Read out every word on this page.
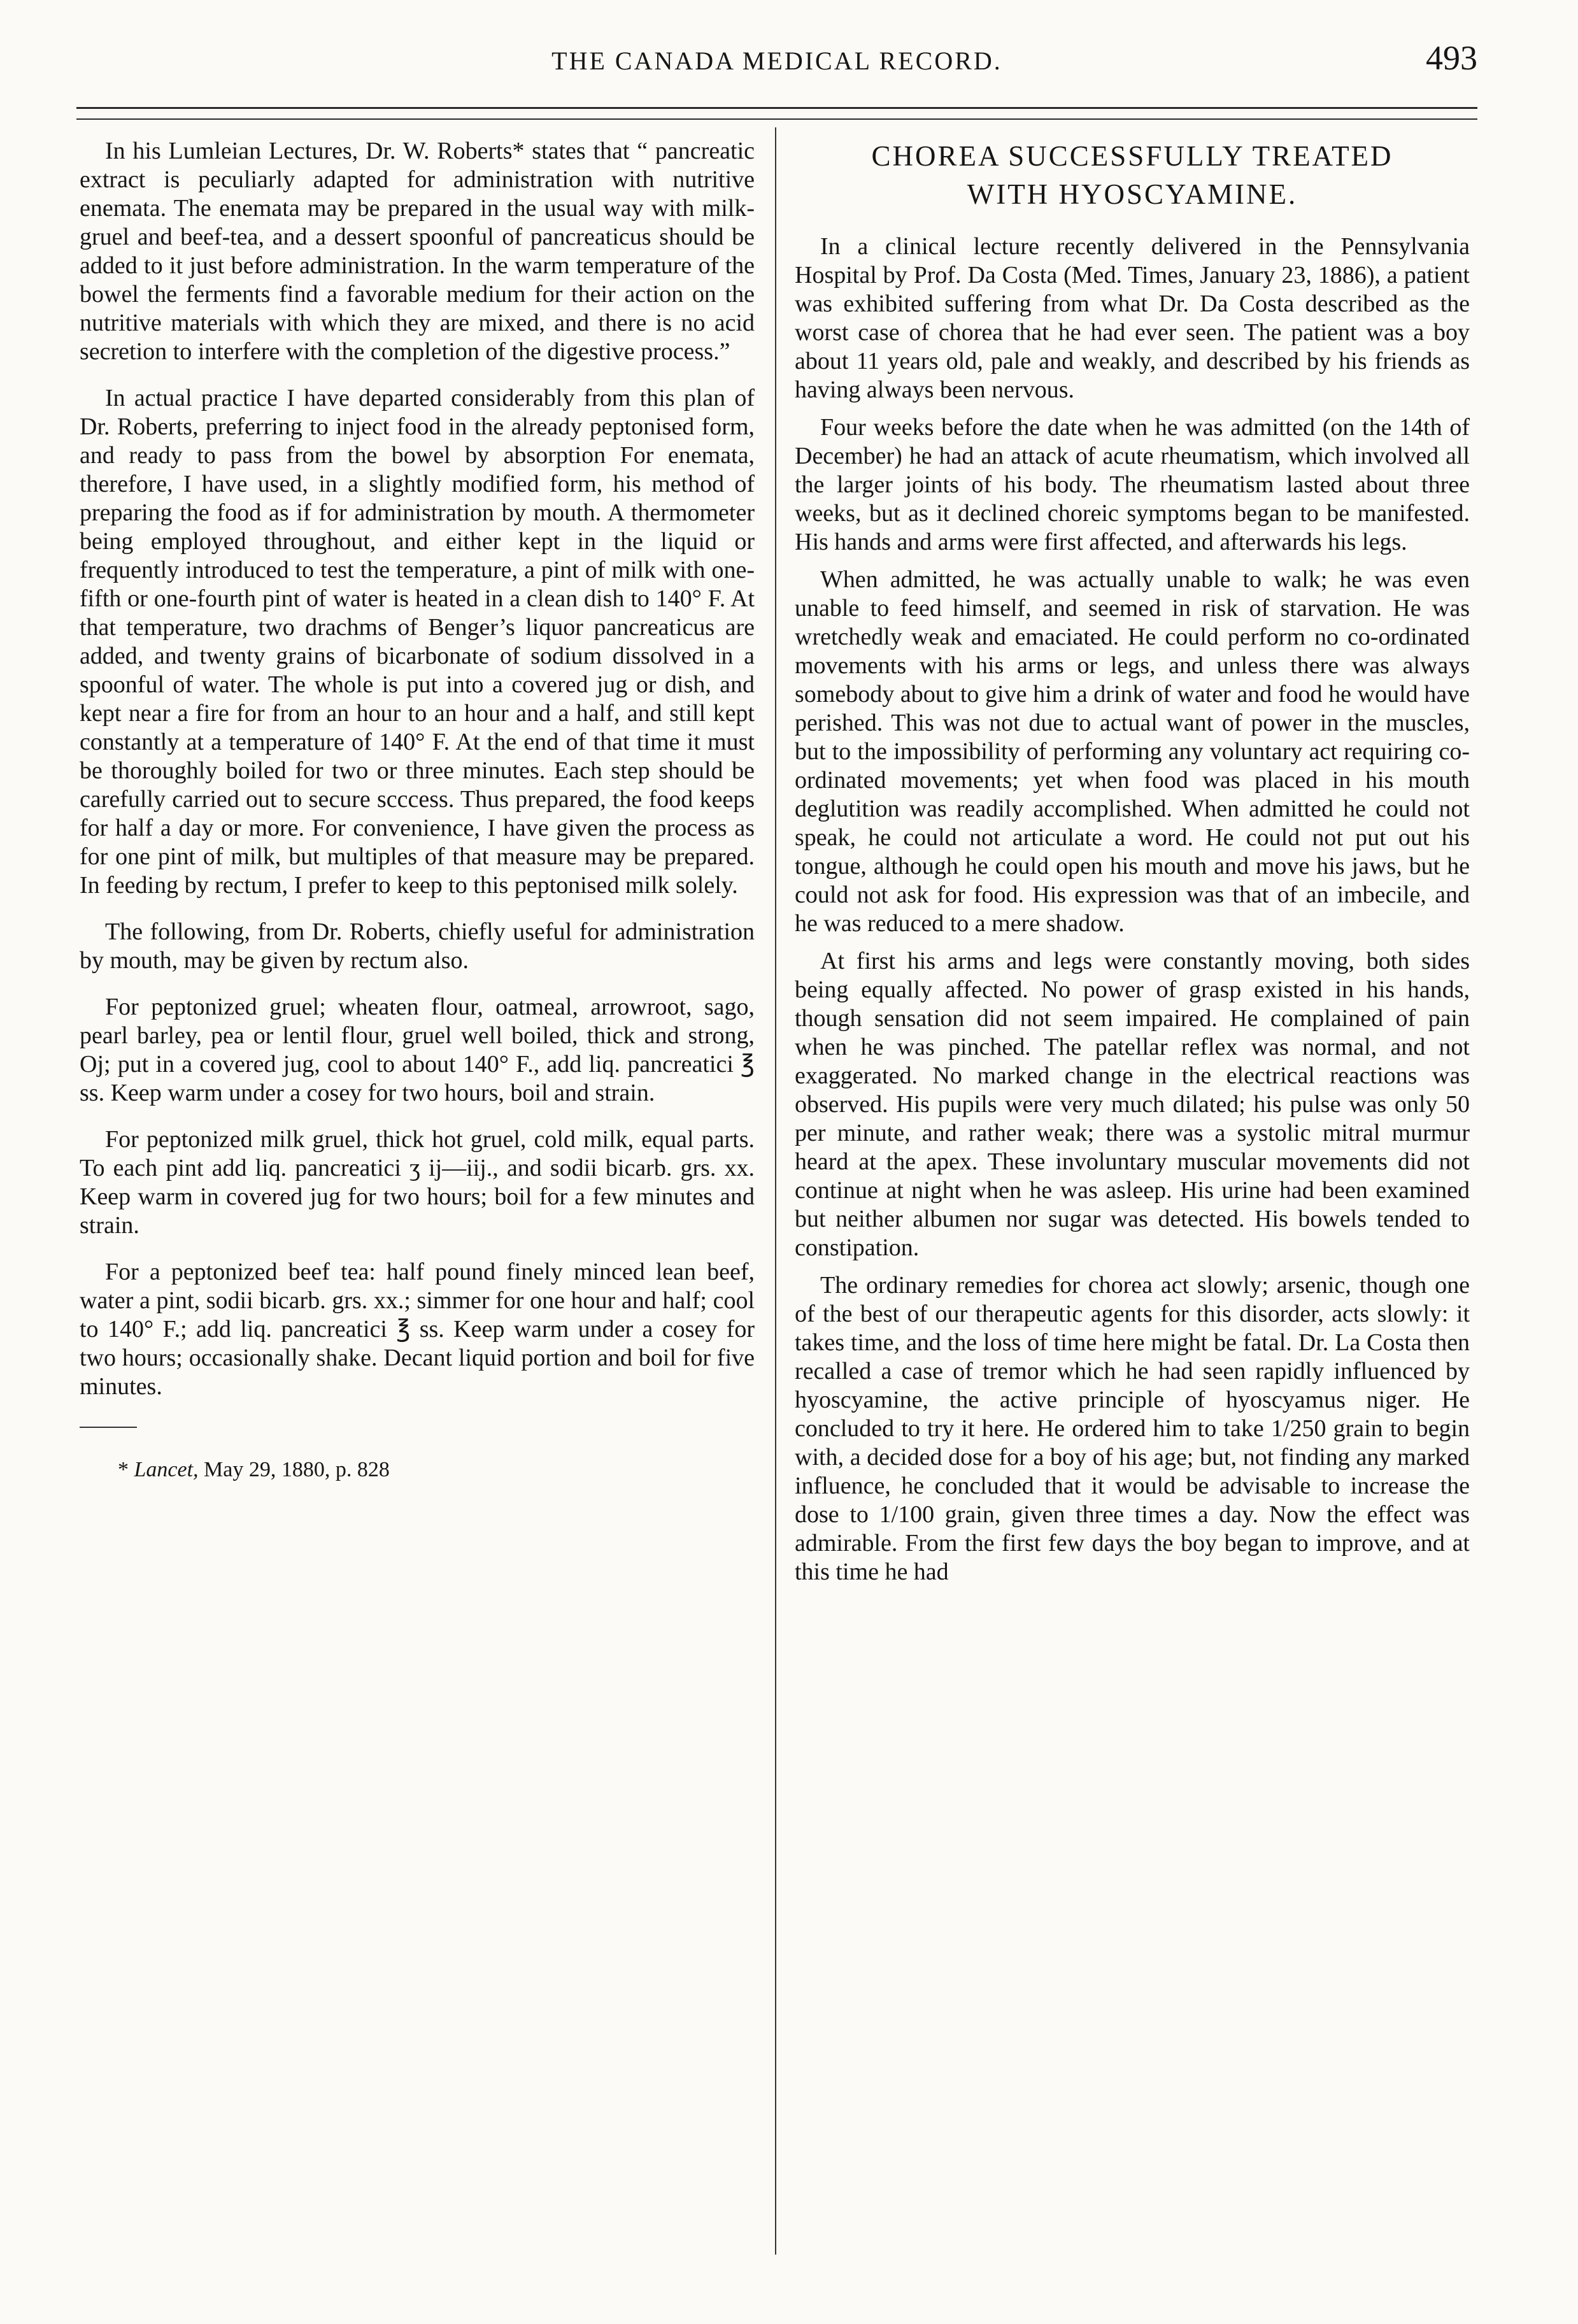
THE CANADA MEDICAL RECORD.	493

In his Lumleian Lectures, Dr. W. Roberts* states that “ pancreatic extract is peculiarly adapted for administration with nutritive enemata. The enemata may be prepared in the usual way with milk-gruel and beef-tea, and a dessert spoonful of pancreaticus should be added to it just before administration. In the warm temperature of the bowel the ferments find a favorable medium for their action on the nutritive materials with which they are mixed, and there is no acid secretion to interfere with the completion of the digestive process.”

In actual practice I have departed considerably from this plan of Dr. Roberts, preferring to inject food in the already peptonised form, and ready to pass from the bowel by absorption For enemata, therefore, I have used, in a slightly modified form, his method of preparing the food as if for administration by mouth. A thermometer being employed throughout, and either kept in the liquid or frequently introduced to test the temperature, a pint of milk with one-fifth or one-fourth pint of water is heated in a clean dish to 140° F. At that temperature, two drachms of Benger’s liquor pancreaticus are added, and twenty grains of bicarbonate of sodium dissolved in a spoonful of water. The whole is put into a covered jug or dish, and kept near a fire for from an hour to an hour and a half, and still kept constantly at a temperature of 140° F. At the end of that time it must be thoroughly boiled for two or three minutes. Each step should be carefully carried out to secure scccess. Thus prepared, the food keeps for half a day or more. For convenience, I have given the process as for one pint of milk, but multiples of that measure may be prepared. In feeding by rectum, I prefer to keep to this peptonised milk solely.

The following, from Dr. Roberts, chiefly useful for administration by mouth, may be given by rectum also.

For peptonized gruel; wheaten flour, oatmeal, arrowroot, sago, pearl barley, pea or lentil flour, gruel well boiled, thick and strong, Oj; put in a covered jug, cool to about 140° F., add liq. pancreatici ℥ ss. Keep warm under a cosey for two hours, boil and strain.

For peptonized milk gruel, thick hot gruel, cold milk, equal parts. To each pint add liq. pancreatici ʒ ij—iij., and sodii bicarb. grs. xx. Keep warm in covered jug for two hours; boil for a few minutes and strain.

For a peptonized beef tea: half pound finely minced lean beef, water a pint, sodii bicarb. grs. xx.; simmer for one hour and half; cool to 140° F.; add liq. pancreatici ℥ ss. Keep warm under a cosey for two hours; occasionally shake. Decant liquid portion and boil for five minutes.

* Lancet, May 29, 1880, p. 828
CHOREA SUCCESSFULLY TREATED
WITH HYOSCYAMINE.

In a clinical lecture recently delivered in the Pennsylvania Hospital by Prof. Da Costa (Med. Times, January 23, 1886), a patient was exhibited suffering from what Dr. Da Costa described as the worst case of chorea that he had ever seen. The patient was a boy about 11 years old, pale and weakly, and described by his friends as having always been nervous.

Four weeks before the date when he was admitted (on the 14th of December) he had an attack of acute rheumatism, which involved all the larger joints of his body. The rheumatism lasted about three weeks, but as it declined choreic symptoms began to be manifested. His hands and arms were first affected, and afterwards his legs.

When admitted, he was actually unable to walk; he was even unable to feed himself, and seemed in risk of starvation. He was wretchedly weak and emaciated. He could perform no co-ordinated movements with his arms or legs, and unless there was always somebody about to give him a drink of water and food he would have perished. This was not due to actual want of power in the muscles, but to the impossibility of performing any voluntary act requiring co-ordinated movements; yet when food was placed in his mouth deglutition was readily accomplished. When admitted he could not speak, he could not articulate a word. He could not put out his tongue, although he could open his mouth and move his jaws, but he could not ask for food. His expression was that of an imbecile, and he was reduced to a mere shadow.

At first his arms and legs were constantly moving, both sides being equally affected. No power of grasp existed in his hands, though sensation did not seem impaired. He complained of pain when he was pinched. The patellar reflex was normal, and not exaggerated. No marked change in the electrical reactions was observed. His pupils were very much dilated; his pulse was only 50 per minute, and rather weak; there was a systolic mitral murmur heard at the apex. These involuntary muscular movements did not continue at night when he was asleep. His urine had been examined but neither albumen nor sugar was detected. His bowels tended to constipation.

The ordinary remedies for chorea act slowly; arsenic, though one of the best of our therapeutic agents for this disorder, acts slowly: it takes time, and the loss of time here might be fatal. Dr. La Costa then recalled a case of tremor which he had seen rapidly influenced by hyoscyamine, the active principle of hyoscyamus niger. He concluded to try it here. He ordered him to take 1/250 grain to begin with, a decided dose for a boy of his age; but, not finding any marked influence, he concluded that it would be advisable to increase the dose to 1/100 grain, given three times a day. Now the effect was admirable. From the first few days the boy began to improve, and at this time he had
